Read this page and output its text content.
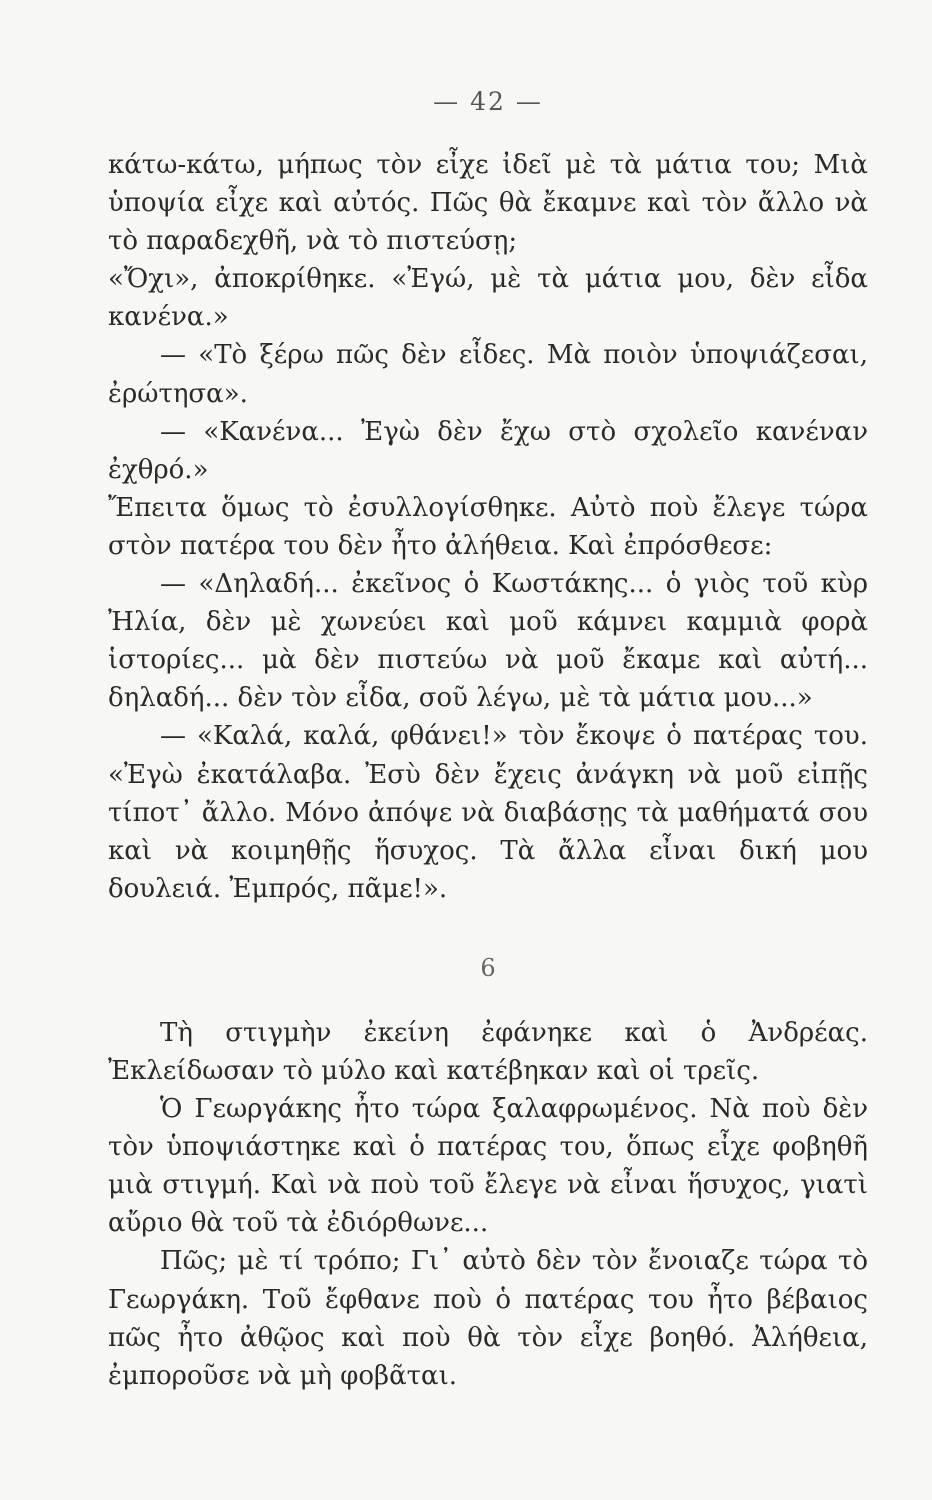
— 42 —

κάτω-κάτω, μήπως τὸν εἶχε ἰδεῖ μὲ τὰ μάτια του; Μιὰ ὑποψία εἶχε καὶ αὐτός. Πῶς θὰ ἔκαμνε καὶ τὸν ἄλλο νὰ τὸ παραδεχθῆ, νὰ τὸ πιστεύσῃ;

«Ὄχι», ἀποκρίθηκε. «Ἐγώ, μὲ τὰ μάτια μου, δὲν εἶδα κανένα.»

— «Τὸ ξέρω πῶς δὲν εἶδες. Μὰ ποιὸν ὑποψιάζεσαι, ἐρώτησα».

— «Κανένα... Ἐγὼ δὲν ἔχω στὸ σχολεῖο κανέναν ἐχθρό.»

Ἔπειτα ὅμως τὸ ἐσυλλογίσθηκε. Αὐτὸ ποὺ ἔλεγε τώρα στὸν πατέρα του δὲν ἦτο ἀλήθεια. Καὶ ἐπρόσθεσε:

— «Δηλαδή... ἐκεῖνος ὁ Κωστάκης... ὁ γιὸς τοῦ κὺρ Ἠλία, δὲν μὲ χωνεύει καὶ μοῦ κάμνει καμμιὰ φορὰ ἱστορίες... μὰ δὲν πιστεύω νὰ μοῦ ἔκαμε καὶ αὐτή... δηλαδή... δὲν τὸν εἶδα, σοῦ λέγω, μὲ τὰ μάτια μου...»

— «Καλά, καλά, φθάνει!» τὸν ἔκοψε ὁ πατέρας του. «Ἐγὼ ἐκατάλαβα. Ἐσὺ δὲν ἔχεις ἀνάγκη νὰ μοῦ εἰπῇς τίποτ᾽ ἄλλο. Μόνο ἀπόψε νὰ διαβάσῃς τὰ μαθήματά σου καὶ νὰ κοιμηθῇς ἥσυχος. Τὰ ἄλλα εἶναι δική μου δουλειά. Ἐμπρός, πᾶμε!».

6

Τὴ στιγμὴν ἐκείνη ἐφάνηκε καὶ ὁ Ἀνδρέας. Ἐκλείδωσαν τὸ μύλο καὶ κατέβηκαν καὶ οἱ τρεῖς.

Ὁ Γεωργάκης ἦτο τώρα ξαλαφρωμένος. Νὰ ποὺ δὲν τὸν ὑποψιάστηκε καὶ ὁ πατέρας του, ὅπως εἶχε φοβηθῆ μιὰ στιγμή. Καὶ νὰ ποὺ τοῦ ἔλεγε νὰ εἶναι ἥσυχος, γιατὶ αὔριο θὰ τοῦ τὰ ἐδιόρθωνε...

Πῶς; μὲ τί τρόπο; Γι᾽ αὐτὸ δὲν τὸν ἔνοιαζε τώρα τὸ Γεωργάκη. Τοῦ ἔφθανε ποὺ ὁ πατέρας του ἦτο βέβαιος πῶς ἦτο ἀθῷος καὶ ποὺ θὰ τὸν εἶχε βοηθό. Ἀλήθεια, ἐμποροῦσε νὰ μὴ φοβᾶται.
